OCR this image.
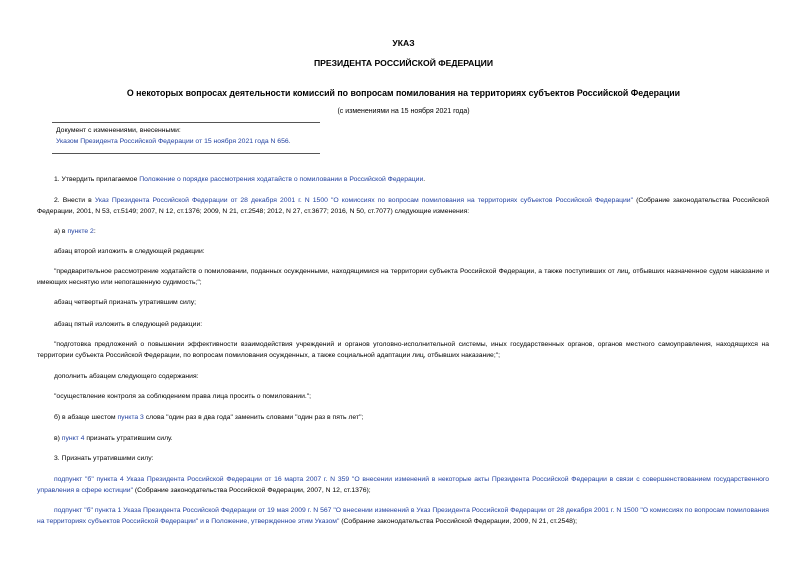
УКАЗ
ПРЕЗИДЕНТА РОССИЙСКОЙ ФЕДЕРАЦИИ
О некоторых вопросах деятельности комиссий по вопросам помилования на территориях субъектов Российской Федерации
(с изменениями на 15 ноября 2021 года)
Документ с изменениями, внесенными:
Указом Президента Российской Федерации от 15 ноября 2021 года N 656.

1. Утвердить прилагаемое Положение о порядке рассмотрения ходатайств о помиловании в Российской Федерации.

2. Внести в Указ Президента Российской Федерации от 28 декабря 2001 г. N 1500 "О комиссиях по вопросам помилования на территориях субъектов Российской Федерации" (Собрание законодательства Российской Федерации, 2001, N 53, ст.5149; 2007, N 12, ст.1376; 2009, N 21, ст.2548; 2012, N 27, ст.3677; 2016, N 50, ст.7077) следующие изменения:

а) в пункте 2:

абзац второй изложить в следующей редакции:

"предварительное рассмотрение ходатайств о помиловании, поданных осужденными, находящимися на территории субъекта Российской Федерации, а также поступивших от лиц, отбывших назначенное судом наказание и имеющих неснятую или непогашенную судимость;";

абзац четвертый признать утратившим силу;

абзац пятый изложить в следующей редакции:

"подготовка предложений о повышении эффективности взаимодействия учреждений и органов уголовно-исполнительной системы, иных государственных органов, органов местного самоуправления, находящихся на территории субъекта Российской Федерации, по вопросам помилования осужденных, а также социальной адаптации лиц, отбывших наказание;";

дополнить абзацем следующего содержания:

"осуществление контроля за соблюдением права лица просить о помиловании.";

б) в абзаце шестом пункта 3 слова "один раз в два года" заменить словами "один раз в пять лет";

в) пункт 4 признать утратившим силу.

3. Признать утратившими силу:

подпункт "б" пункта 4 Указа Президента Российской Федерации от 16 марта 2007 г. N 359 "О внесении изменений в некоторые акты Президента Российской Федерации в связи с совершенствованием государственного управления в сфере юстиции" (Собрание законодательства Российской Федерации, 2007, N 12, ст.1376);

подпункт "б" пункта 1 Указа Президента Российской Федерации от 19 мая 2009 г. N 567 "О внесении изменений в Указ Президента Российской Федерации от 28 декабря 2001 г. N 1500 "О комиссиях по вопросам помилования на территориях субъектов Российской Федерации" и в Положение, утвержденное этим Указом" (Собрание законодательства Российской Федерации, 2009, N 21, ст.2548);
